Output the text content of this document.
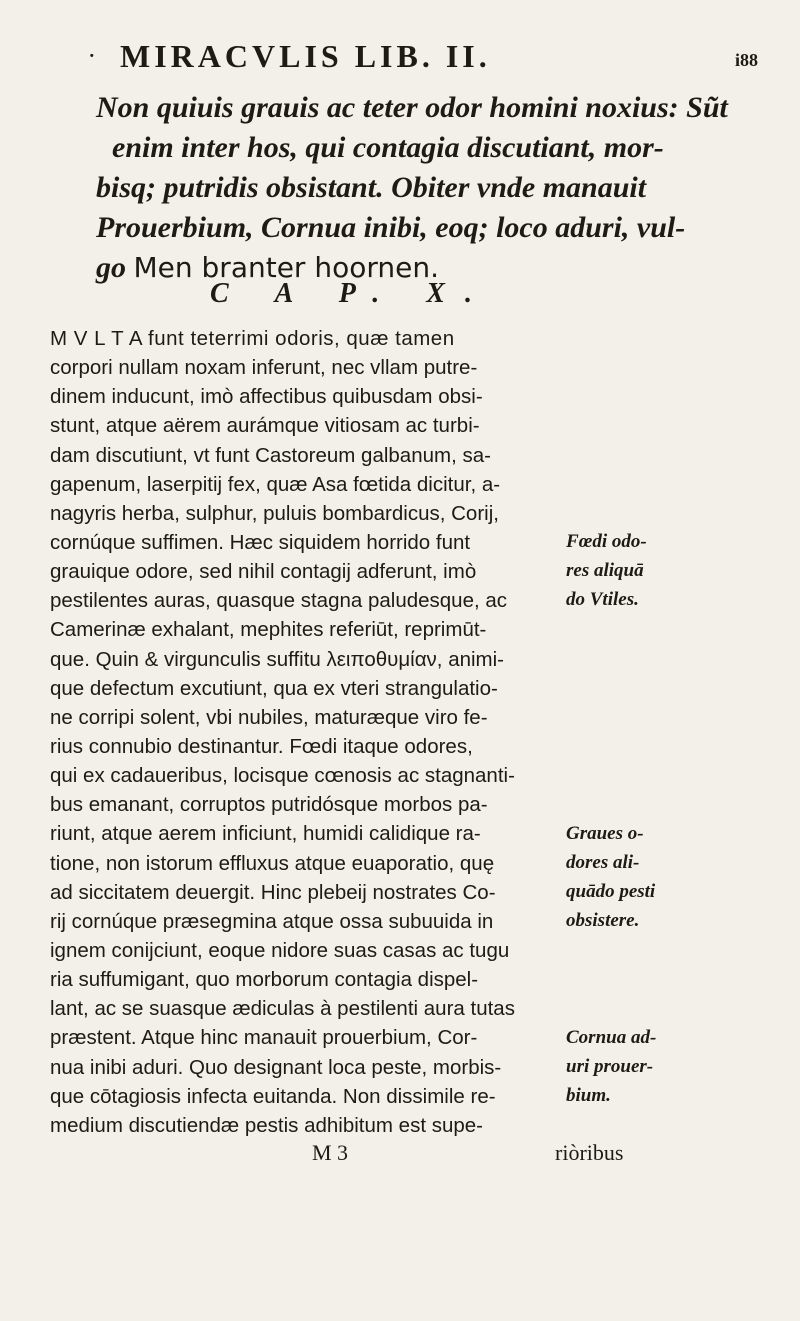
· MIRACVLIS LIB. II.	i88
Non quiuis grauis ac teter odor homini noxius: Sũt
enim inter hos, qui contagia discutiant, mor-
bisq; putridis obsistant. Obiter vnde manauit
Prouerbium, Cornua inibi, eoq; loco aduri, vul-
go Men branter hoornen.
C A P. X.
M V L T A funt teterrimi odoris, quæ tamen
corpori nullam noxam inferunt, nec vllam putre-
dinem inducunt, imò affectibus quibusdam obsi-
stunt, atque aërem aurámque vitiosam ac turbi-
dam discutiunt, vt funt Castoreum galbanum, sa-
gapenum, laserpitij fex, quæ Asa fœtida dicitur, a-
nagyris herba, sulphur, puluis bombardicus, Corij,
cornúque suffimen. Hæc siquidem horrido funt
grauique odore, sed nihil contagij adferunt, imò
pestilentes auras, quasque stagna paludesque, ac
Camerinæ exhalant, mephites referiūt, reprimūt-
que. Quin & virgunculis suffitu λειποθυμίαν, animi-
que defectum excutiunt, qua ex vteri strangulatio-
ne corripi solent, vbi nubiles, maturæque viro fe-
rius connubio destinantur. Fœdi itaque odores,
qui ex cadaueribus, locisque cœnosis ac stagnanti-
bus emanant, corruptos putridósque morbos pa-
riunt, atque aerem inficiunt, humidi calidique ra-
tione, non istorum effluxus atque euaporatio, quę
ad siccitatem deuergit. Hinc plebeij nostrates Co-
rij cornúque præsegmina atque ossa subuuida in
ignem conijciunt, eoque nidore suas casas ac tugu
ria suffumigant, quo morborum contagia dispel-
lant, ac se suasque ædiculas à pestilenti aura tutas
præstent. Atque hinc manauit prouerbium, Cor-
nua inibi aduri. Quo designant loca peste, morbis-
que cōtagiosis infecta euitanda. Non dissimile re-
medium discutiendæ pestis adhibitum est supe-
Fœdi odo-
res aliquā
do Vtiles.
Graues o-
dores ali-
quādo pesti
obsistere.
Cornua ad-
uri prouer-
bium.
M 3	riòribus
